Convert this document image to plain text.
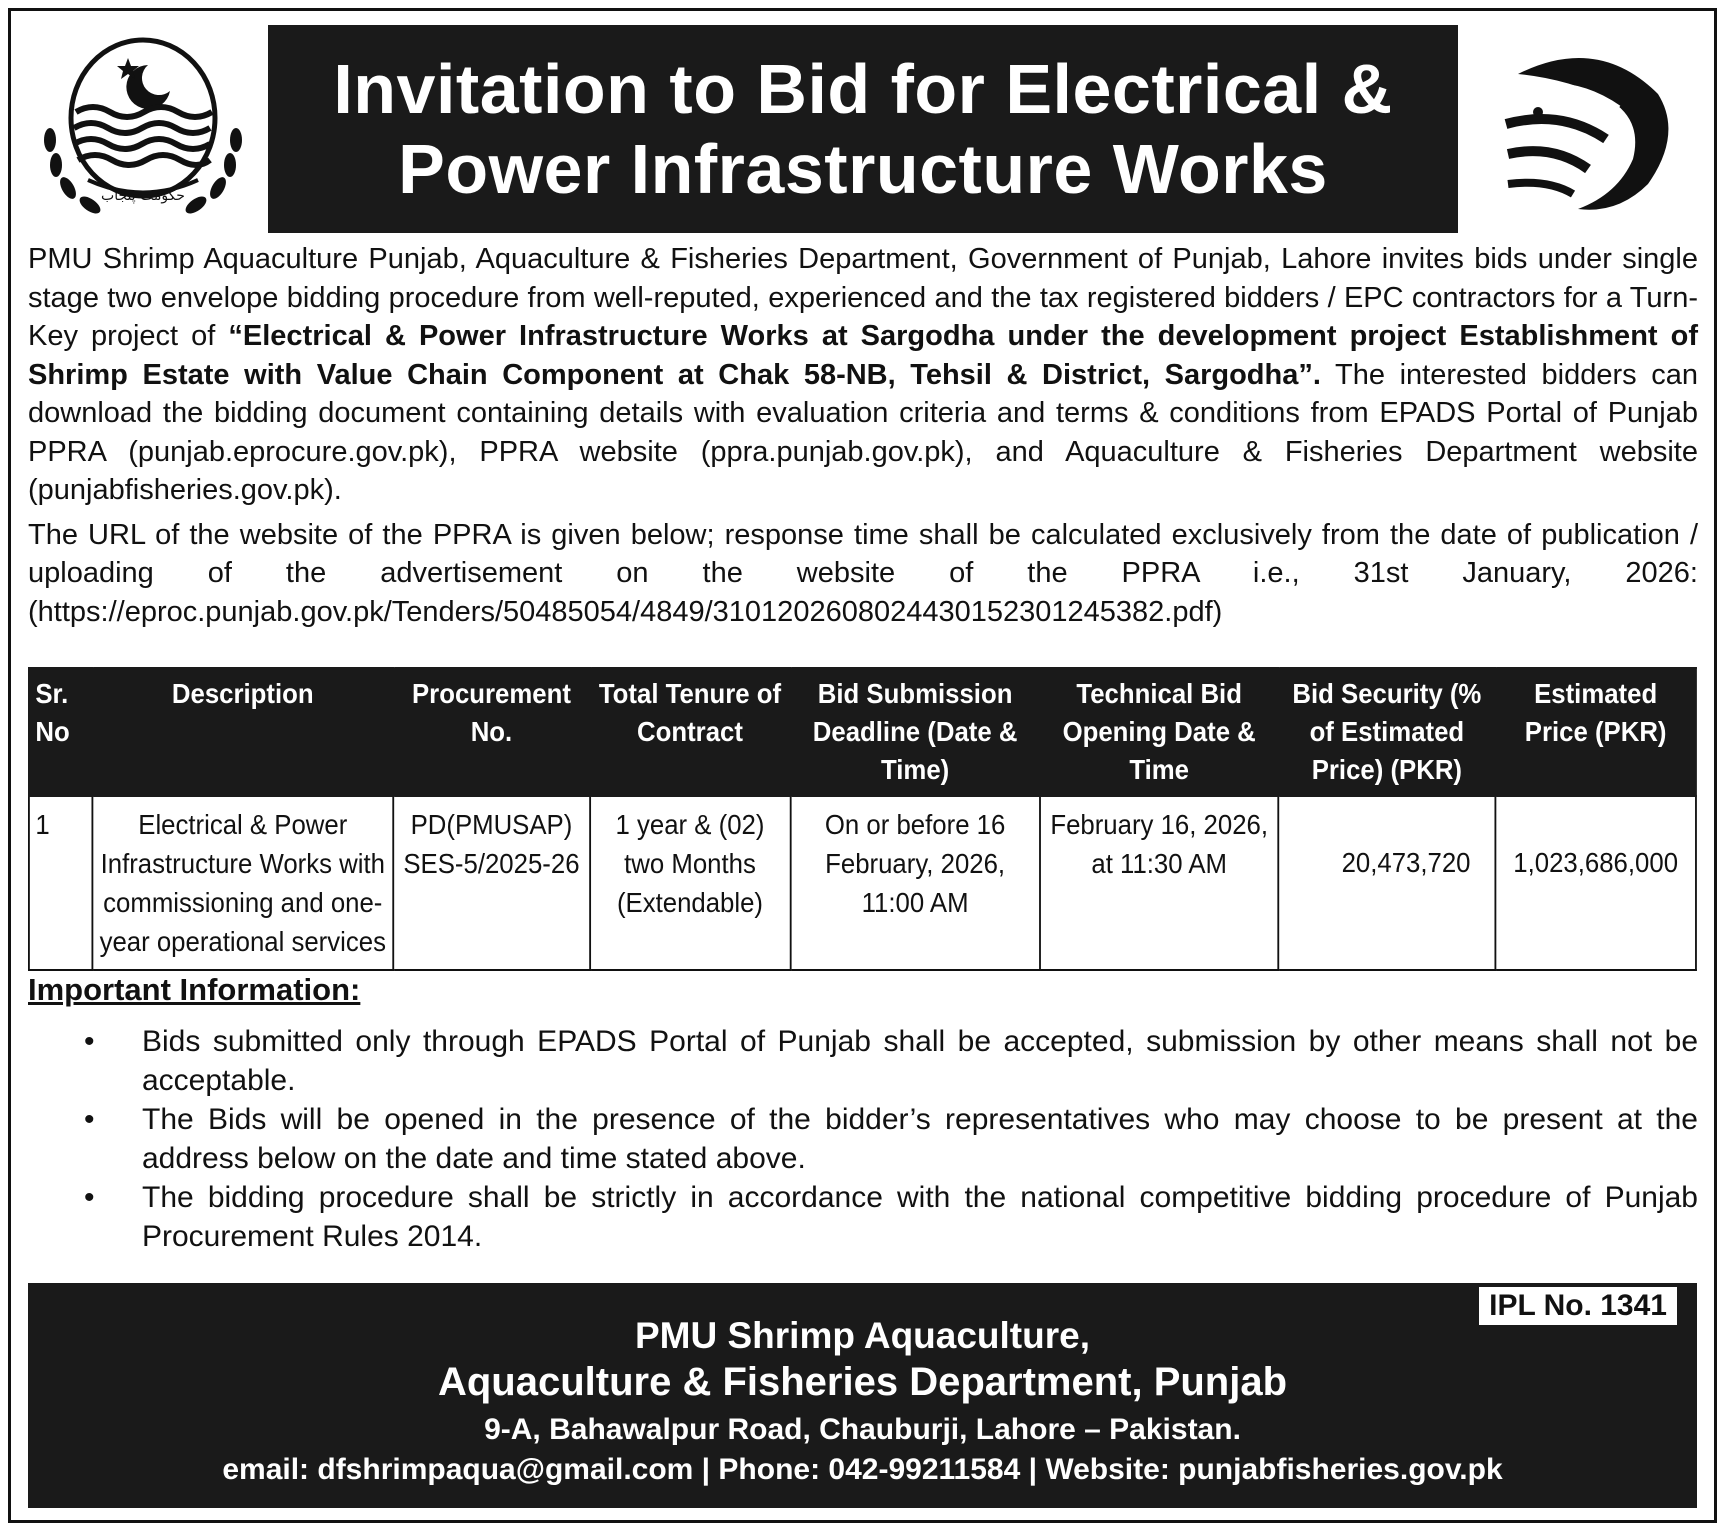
حکومت پنجاب
Invitation to Bid for Electrical &
Power Infrastructure Works

PMU Shrimp Aquaculture Punjab, Aquaculture & Fisheries Department, Government of Punjab, Lahore invites bids under single stage two envelope bidding procedure from well-reputed, experienced and the tax registered bidders / EPC contractors for a Turn-Key project of “Electrical & Power Infrastructure Works at Sargodha under the development project Establishment of Shrimp Estate with Value Chain Component at Chak 58-NB, Tehsil & District, Sargodha”. The interested bidders can download the bidding document containing details with evaluation criteria and terms & conditions from EPADS Portal of Punjab PPRA (punjab.eprocure.gov.pk), PPRA website (ppra.punjab.gov.pk), and Aquaculture & Fisheries Department website (punjabfisheries.gov.pk).

The URL of the website of the PPRA is given below; response time shall be calculated exclusively from the date of publication / uploading of the advertisement on the website of the PPRA i.e., 31st January, 2026: (https://eproc.punjab.gov.pk/Tenders/50485054/4849/31012026080244301523012453​82.pdf)

Sr. No	Description	Procurement No.	Total Tenure of Contract	Bid Submission Deadline (Date & Time)	Technical Bid Opening Date & Time	Bid Security (% of Estimated Price) (PKR)	Estimated Price (PKR)
1	Electrical & Power Infrastructure Works with commissioning and one-year operational services	PD(PMUSAP) SES-5/2025-26	1 year & (02) two Months (Extendable)	On or before 16 February, 2026, 11:00 AM	February 16, 2026, at 11:30 AM	20,473,720	1,023,686,000
Important Information:
• Bids submitted only through EPADS Portal of Punjab shall be accepted, submission by other means shall not be acceptable.
• The Bids will be opened in the presence of the bidder’s representatives who may choose to be present at the address below on the date and time stated above.
• The bidding procedure shall be strictly in accordance with the national competitive bidding procedure of Punjab Procurement Rules 2014.
IPL No. 1341
PMU Shrimp Aquaculture,
Aquaculture & Fisheries Department, Punjab
9-A, Bahawalpur Road, Chauburji, Lahore – Pakistan.
email: dfshrimpaqua@gmail.com | Phone: 042-99211584 | Website: punjabfisheries.gov.pk
